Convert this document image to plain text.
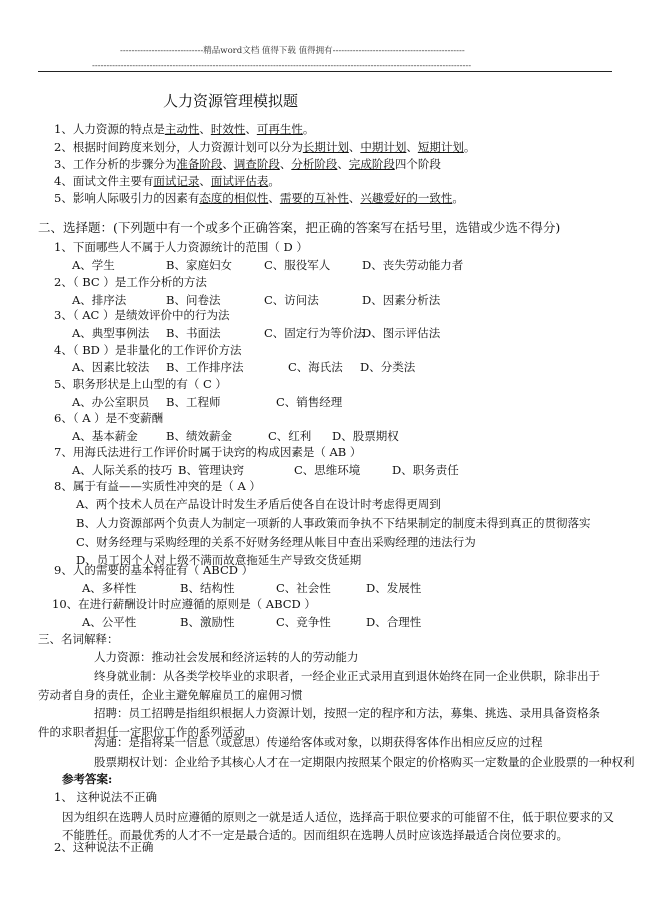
-----------------------------精品word文档 值得下载 值得拥有----------------------------------------------
------------------------------------------------------------------------------------------------------------------------------------
人力资源管理模拟题
1、人力资源的特点是主动性、时效性、可再生性。
2、根据时间跨度来划分，人力资源计划可以分为长期计划、中期计划、短期计划。
3、工作分析的步骤分为准备阶段、调查阶段、分析阶段、完成阶段四个阶段
4、面试文件主要有面试记录、面试评估表。
5、影响人际吸引力的因素有态度的相似性、需要的互补性、兴趣爱好的一致性。
二、选择题：(下列题中有一个或多个正确答案，把正确的答案写在括号里，选错或少选不得分)
1、下面哪些人不属于人力资源统计的范围（ D ）
A、学生	B、家庭妇女	C、服役军人	D、丧失劳动能力者
2、（ BC ）是工作分析的方法
A、排序法	B、问卷法	C、访问法	D、因素分析法
3、（ AC ）是绩效评价中的行为法
A、典型事例法 B、书面法	C、固定行为等价法
D、图示评估法
4、（ BD ）是非量化的工作评价方法
A、因素比较法 B、工作排序法	C、海氏法 D、分类法
5、职务形状是上山型的有（ C ）
A、办公室职员 B、工程师	C、销售经理
6、（ A ）是不变薪酬
A、基本薪金 B、绩效薪金	C、红利 D、股票期权
7、用海氏法进行工作评价时属于诀窍的构成因素是（ AB ）
A、人际关系的技巧 B、管理诀窍	C、思维环境	D、职务责任
8、属于有益——实质性冲突的是（ A ）
A、两个技术人员在产品设计时发生矛盾后使各自在设计时考虑得更周到
B、人力资源部两个负责人为制定一项新的人事政策而争执不下结果制定的制度未得到真正的贯彻落实
C、财务经理与采购经理的关系不好财务经理从帐目中查出采购经理的违法行为
D、员工因个人对上级不满而故意拖延生产导致交货延期
9、人的需要的基本特征有（ ABCD ）
A、多样性	B、结构性	C、社会性	D、发展性
10、在进行薪酬设计时应遵循的原则是（ ABCD ）
A、公平性	B、激励性	C、竞争性	D、合理性
三、名词解释：
人力资源：推动社会发展和经济运转的人的劳动能力
终身就业制：从各类学校毕业的求职者，一经企业正式录用直到退休始终在同一企业供职，除非出于劳动者自身的责任，企业主避免解雇员工的雇佣习惯
招聘：员工招聘是指组织根据人力资源计划，按照一定的程序和方法，募集、挑选、录用具备资格条件的求职者担任一定职位工作的系列活动
沟通：是指将某一信息（或意思）传递给客体或对象，以期获得客体作出相应反应的过程
股票期权计划：企业给予其核心人才在一定期限内按照某个限定的价格购买一定数量的企业股票的一种权利
参考答案:
1、 这种说法不正确
因为组织在选聘人员时应遵循的原则之一就是适人适位，选择高于职位要求的可能留不住，低于职位要求的又不能胜任。而最优秀的人才不一定是最合适的。因而组织在选聘人员时应该选择最适合岗位要求的。
2、这种说法不正确
